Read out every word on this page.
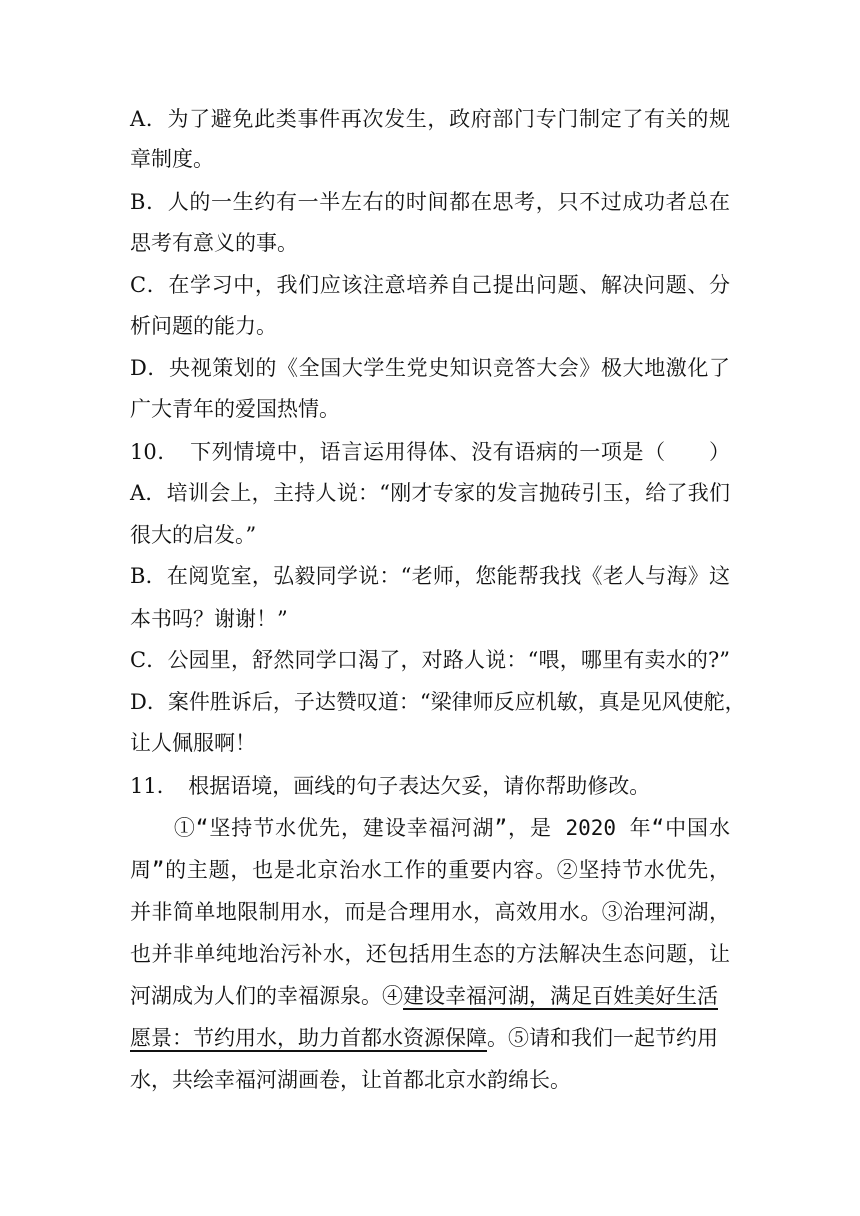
A．为了避免此类事件再次发生，政府部门专门制定了有关的规
章制度。
B．人的一生约有一半左右的时间都在思考，只不过成功者总在
思考有意义的事。
C．在学习中，我们应该注意培养自己提出问题、解决问题、分
析问题的能力。
D．央视策划的《全国大学生党史知识竞答大会》极大地激化了
广大青年的爱国热情。
10．　下列情境中，语言运用得体、没有语病的一项是（　　）
A．培训会上，主持人说：“刚才专家的发言抛砖引玉，给了我们
很大的启发。”
B．在阅览室，弘毅同学说：“老师，您能帮我找《老人与海》这
本书吗？谢谢！”
C．公园里，舒然同学口渴了，对路人说：“喂，哪里有卖水的?”
D．案件胜诉后，子达赞叹道：“梁律师反应机敏，真是见风使舵，
让人佩服啊！
11．　根据语境，画线的句子表达欠妥，请你帮助修改。
　　①“坚持节水优先，建设幸福河湖”，是 2020 年“中国水
周”的主题，也是北京治水工作的重要内容。②坚持节水优先，
并非简单地限制用水，而是合理用水，高效用水。③治理河湖，
也并非单纯地治污补水，还包括用生态的方法解决生态问题，让
河湖成为人们的幸福源泉。④建设幸福河湖，满足百姓美好生活
愿景：节约用水，助力首都水资源保障。⑤请和我们一起节约用
水，共绘幸福河湖画卷，让首都北京水韵绵长。
